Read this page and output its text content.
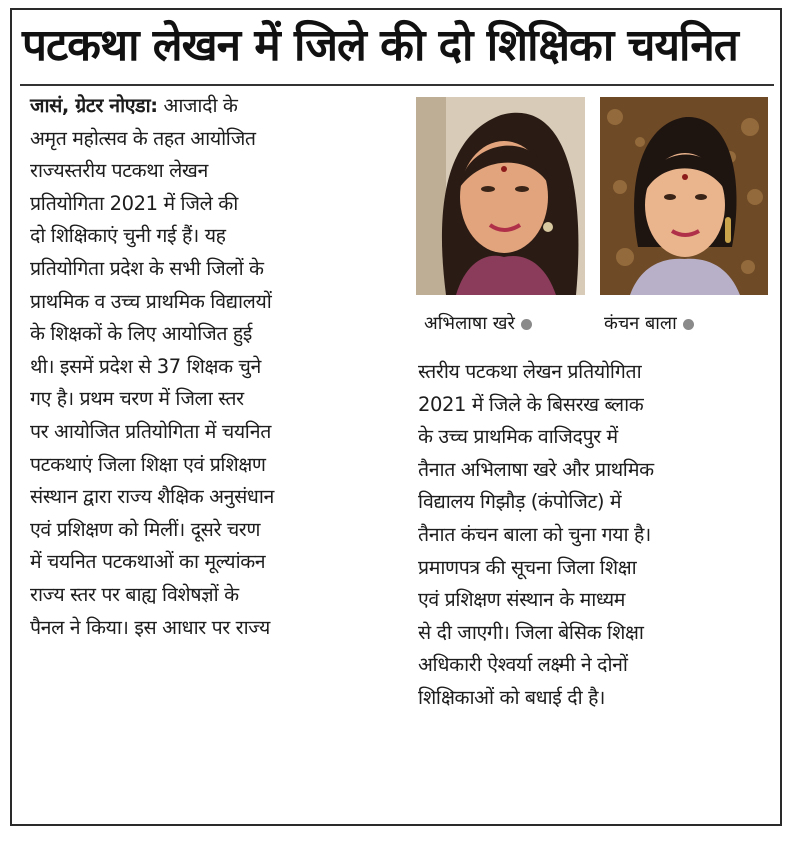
पटकथा लेखन में जिले की दो शिक्षिका चयनित
जासं, ग्रेटर नोएडा: आजादी के
अमृत महोत्सव के तहत आयोजित
राज्यस्तरीय पटकथा लेखन
प्रतियोगिता 2021 में जिले की
दो शिक्षिकाएं चुनी गई हैं। यह
प्रतियोगिता प्रदेश के सभी जिलों के
प्राथमिक व उच्च प्राथमिक विद्यालयों
के शिक्षकों के लिए आयोजित हुई
थी। इसमें प्रदेश से 37 शिक्षक चुने
गए है। प्रथम चरण में जिला स्तर
पर आयोजित प्रतियोगिता में चयनित
पटकथाएं जिला शिक्षा एवं प्रशिक्षण
संस्थान द्वारा राज्य शैक्षिक अनुसंधान
एवं प्रशिक्षण को मिलीं। दूसरे चरण
में चयनित पटकथाओं का मूल्यांकन
राज्य स्तर पर बाह्य विशेषज्ञों के
पैनल ने किया। इस आधार पर राज्य
अभिलाषा खरे	कंचन बाला
स्तरीय पटकथा लेखन प्रतियोगिता
2021 में जिले के बिसरख ब्लाक
के उच्च प्राथमिक वाजिदपुर में
तैनात अभिलाषा खरे और प्राथमिक
विद्यालय गिझौड़ (कंपोजिट) में
तैनात कंचन बाला को चुना गया है।
प्रमाणपत्र की सूचना जिला शिक्षा
एवं प्रशिक्षण संस्थान के माध्यम
से दी जाएगी। जिला बेसिक शिक्षा
अधिकारी ऐश्वर्या लक्ष्मी ने दोनों
शिक्षिकाओं को बधाई दी है।
